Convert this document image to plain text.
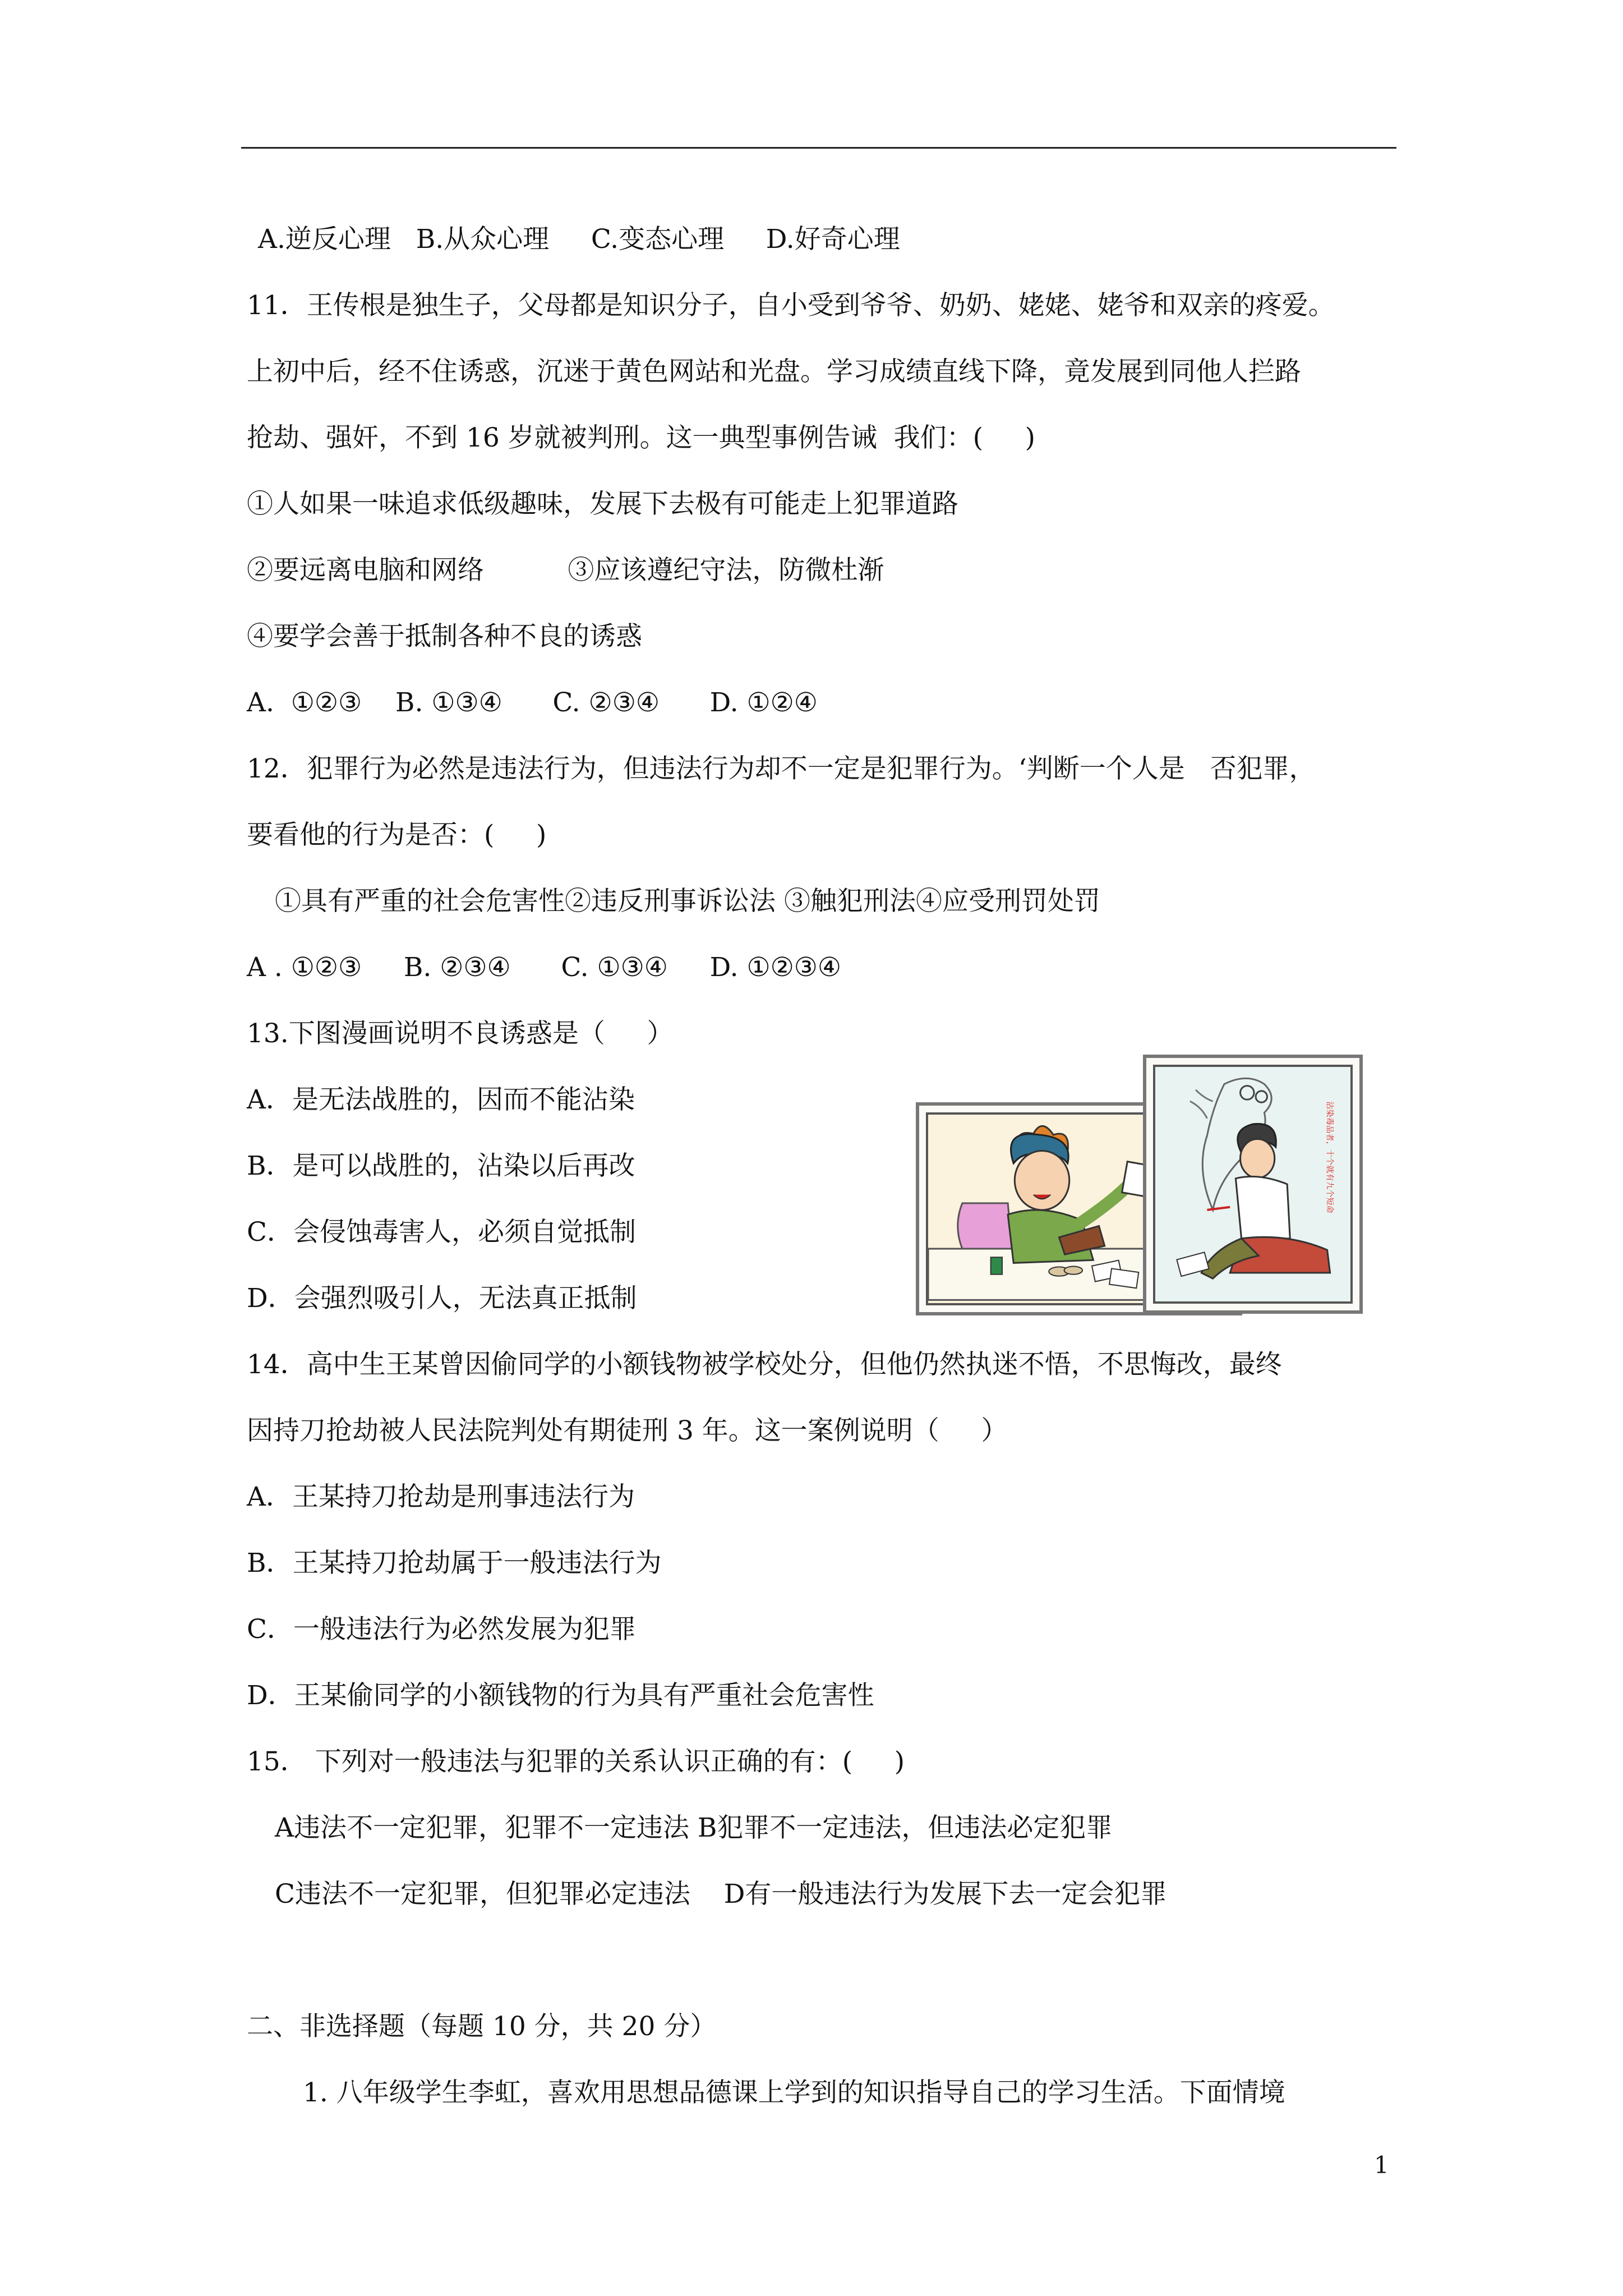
A.逆反心理   B.从众心理     C.变态心理     D.好奇心理
11．王传根是独生子，父母都是知识分子，自小受到爷爷、奶奶、姥姥、姥爷和双亲的疼爱。
上初中后，经不住诱惑，沉迷于黄色网站和光盘。学习成绩直线下降，竟发展到同他人拦路
抢劫、强奸，不到 16 岁就被判刑。这一典型事例告诫  我们：(     )
①人如果一味追求低级趣味，发展下去极有可能走上犯罪道路
②要远离电脑和网络          ③应该遵纪守法，防微杜渐
④要学会善于抵制各种不良的诱惑
A.  ①②③    B. ①③④      C. ②③④      D. ①②④
12．犯罪行为必然是违法行为，但违法行为却不一定是犯罪行为。‘判断一个人是   否犯罪，
要看他的行为是否：(     )
①具有严重的社会危害性②违反刑事诉讼法 ③触犯刑法④应受刑罚处罚
A . ①②③     B. ②③④      C. ①③④     D. ①②③④
13.下图漫画说明不良诱惑是（     ）
A．是无法战胜的，因而不能沾染
B．是可以战胜的，沾染以后再改
C．会侵蚀毒害人，必须自觉抵制
D．会强烈吸引人，无法真正抵制
14．高中生王某曾因偷同学的小额钱物被学校处分，但他仍然执迷不悟，不思悔改，最终
因持刀抢劫被人民法院判处有期徒刑 3 年。这一案例说明（     ）
A．王某持刀抢劫是刑事违法行为
B．王某持刀抢劫属于一般违法行为
C．一般违法行为必然发展为犯罪
D．王某偷同学的小额钱物的行为具有严重社会危害性
15． 下列对一般违法与犯罪的关系认识正确的有：(     )
A违法不一定犯罪，犯罪不一定违法 B犯罪不一定违法，但违法必定犯罪
C违法不一定犯罪，但犯罪必定违法    D有一般违法行为发展下去一定会犯罪
二、非选择题（每题 10 分，共 20 分）
1. 八年级学生李虹，喜欢用思想品德课上学到的知识指导自己的学习生活。下面情境
沾染毒品者，十个就有九个短命
1
